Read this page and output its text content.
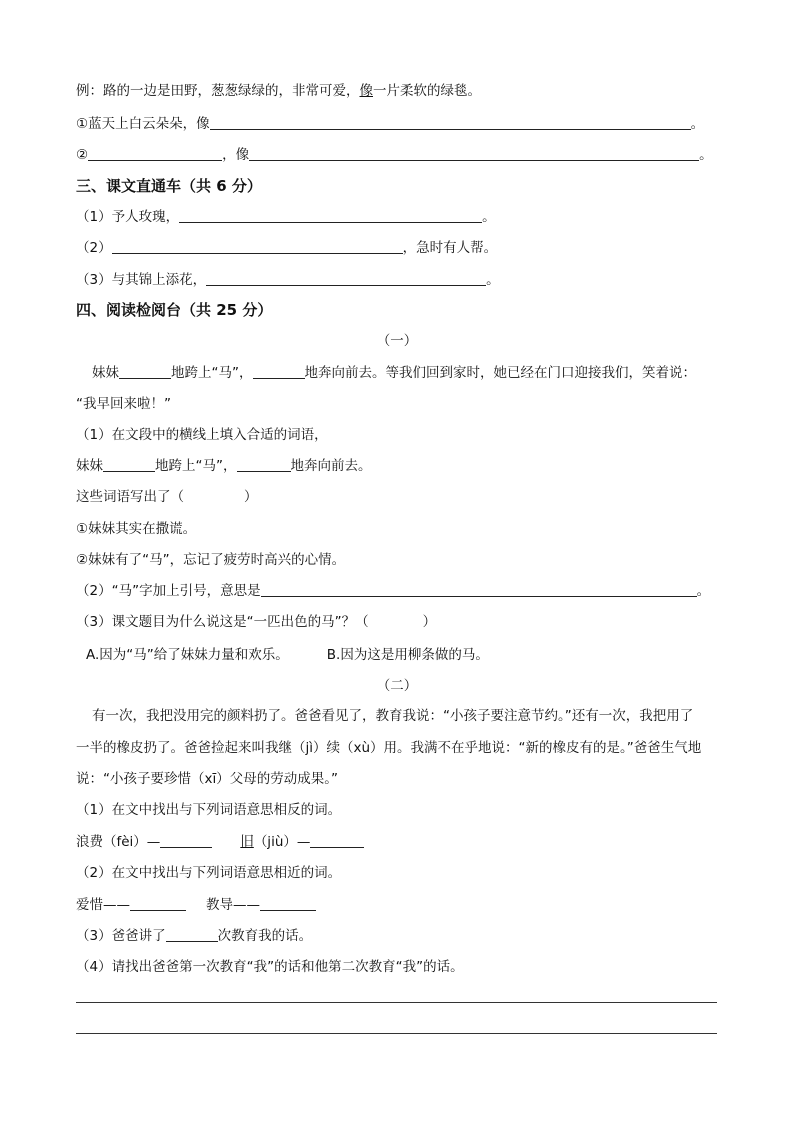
例：路的一边是田野，葱葱绿绿的，非常可爱，像一片柔软的绿毯。
①蓝天上白云朵朵，像	。
②	，像	。
三、课文直通车（共 6 分）
（1）予人玫瑰，	。
（2）	，急时有人帮。
（3）与其锦上添花，	。
四、阅读检阅台（共 25 分）
（一）
妹妹	地跨上“马”，	地奔向前去。等我们回到家时，她已经在门口迎接我们，笑着说：
“我早回来啦！”
（1）在文段中的横线上填入合适的词语，
妹妹	地跨上“马”，	地奔向前去。
这些词语写出了（	）
①妹妹其实在撒谎。
②妹妹有了“马”，忘记了疲劳时高兴的心情。
（2）“马”字加上引号，意思是	。
（3）课文题目为什么说这是“一匹出色的马”？（	）
A.因为“马”给了妹妹力量和欢乐。	B.因为这是用柳条做的马。
（二）
有一次，我把没用完的颜料扔了。爸爸看见了，教育我说：“小孩子要注意节约。”还有一次，我把用了
一半的橡皮扔了。爸爸捡起来叫我继（jì）续（xù）用。我满不在乎地说：“新的橡皮有的是。”爸爸生气地
说：“小孩子要珍惜（xī）父母的劳动成果。”
（1）在文中找出与下列词语意思相反的词。
浪费（fèi）—	旧（jiù）—
（2）在文中找出与下列词语意思相近的词。
爱惜——	教导——
（3）爸爸讲了	次教育我的话。
（4）请找出爸爸第一次教育“我”的话和他第二次教育“我”的话。
